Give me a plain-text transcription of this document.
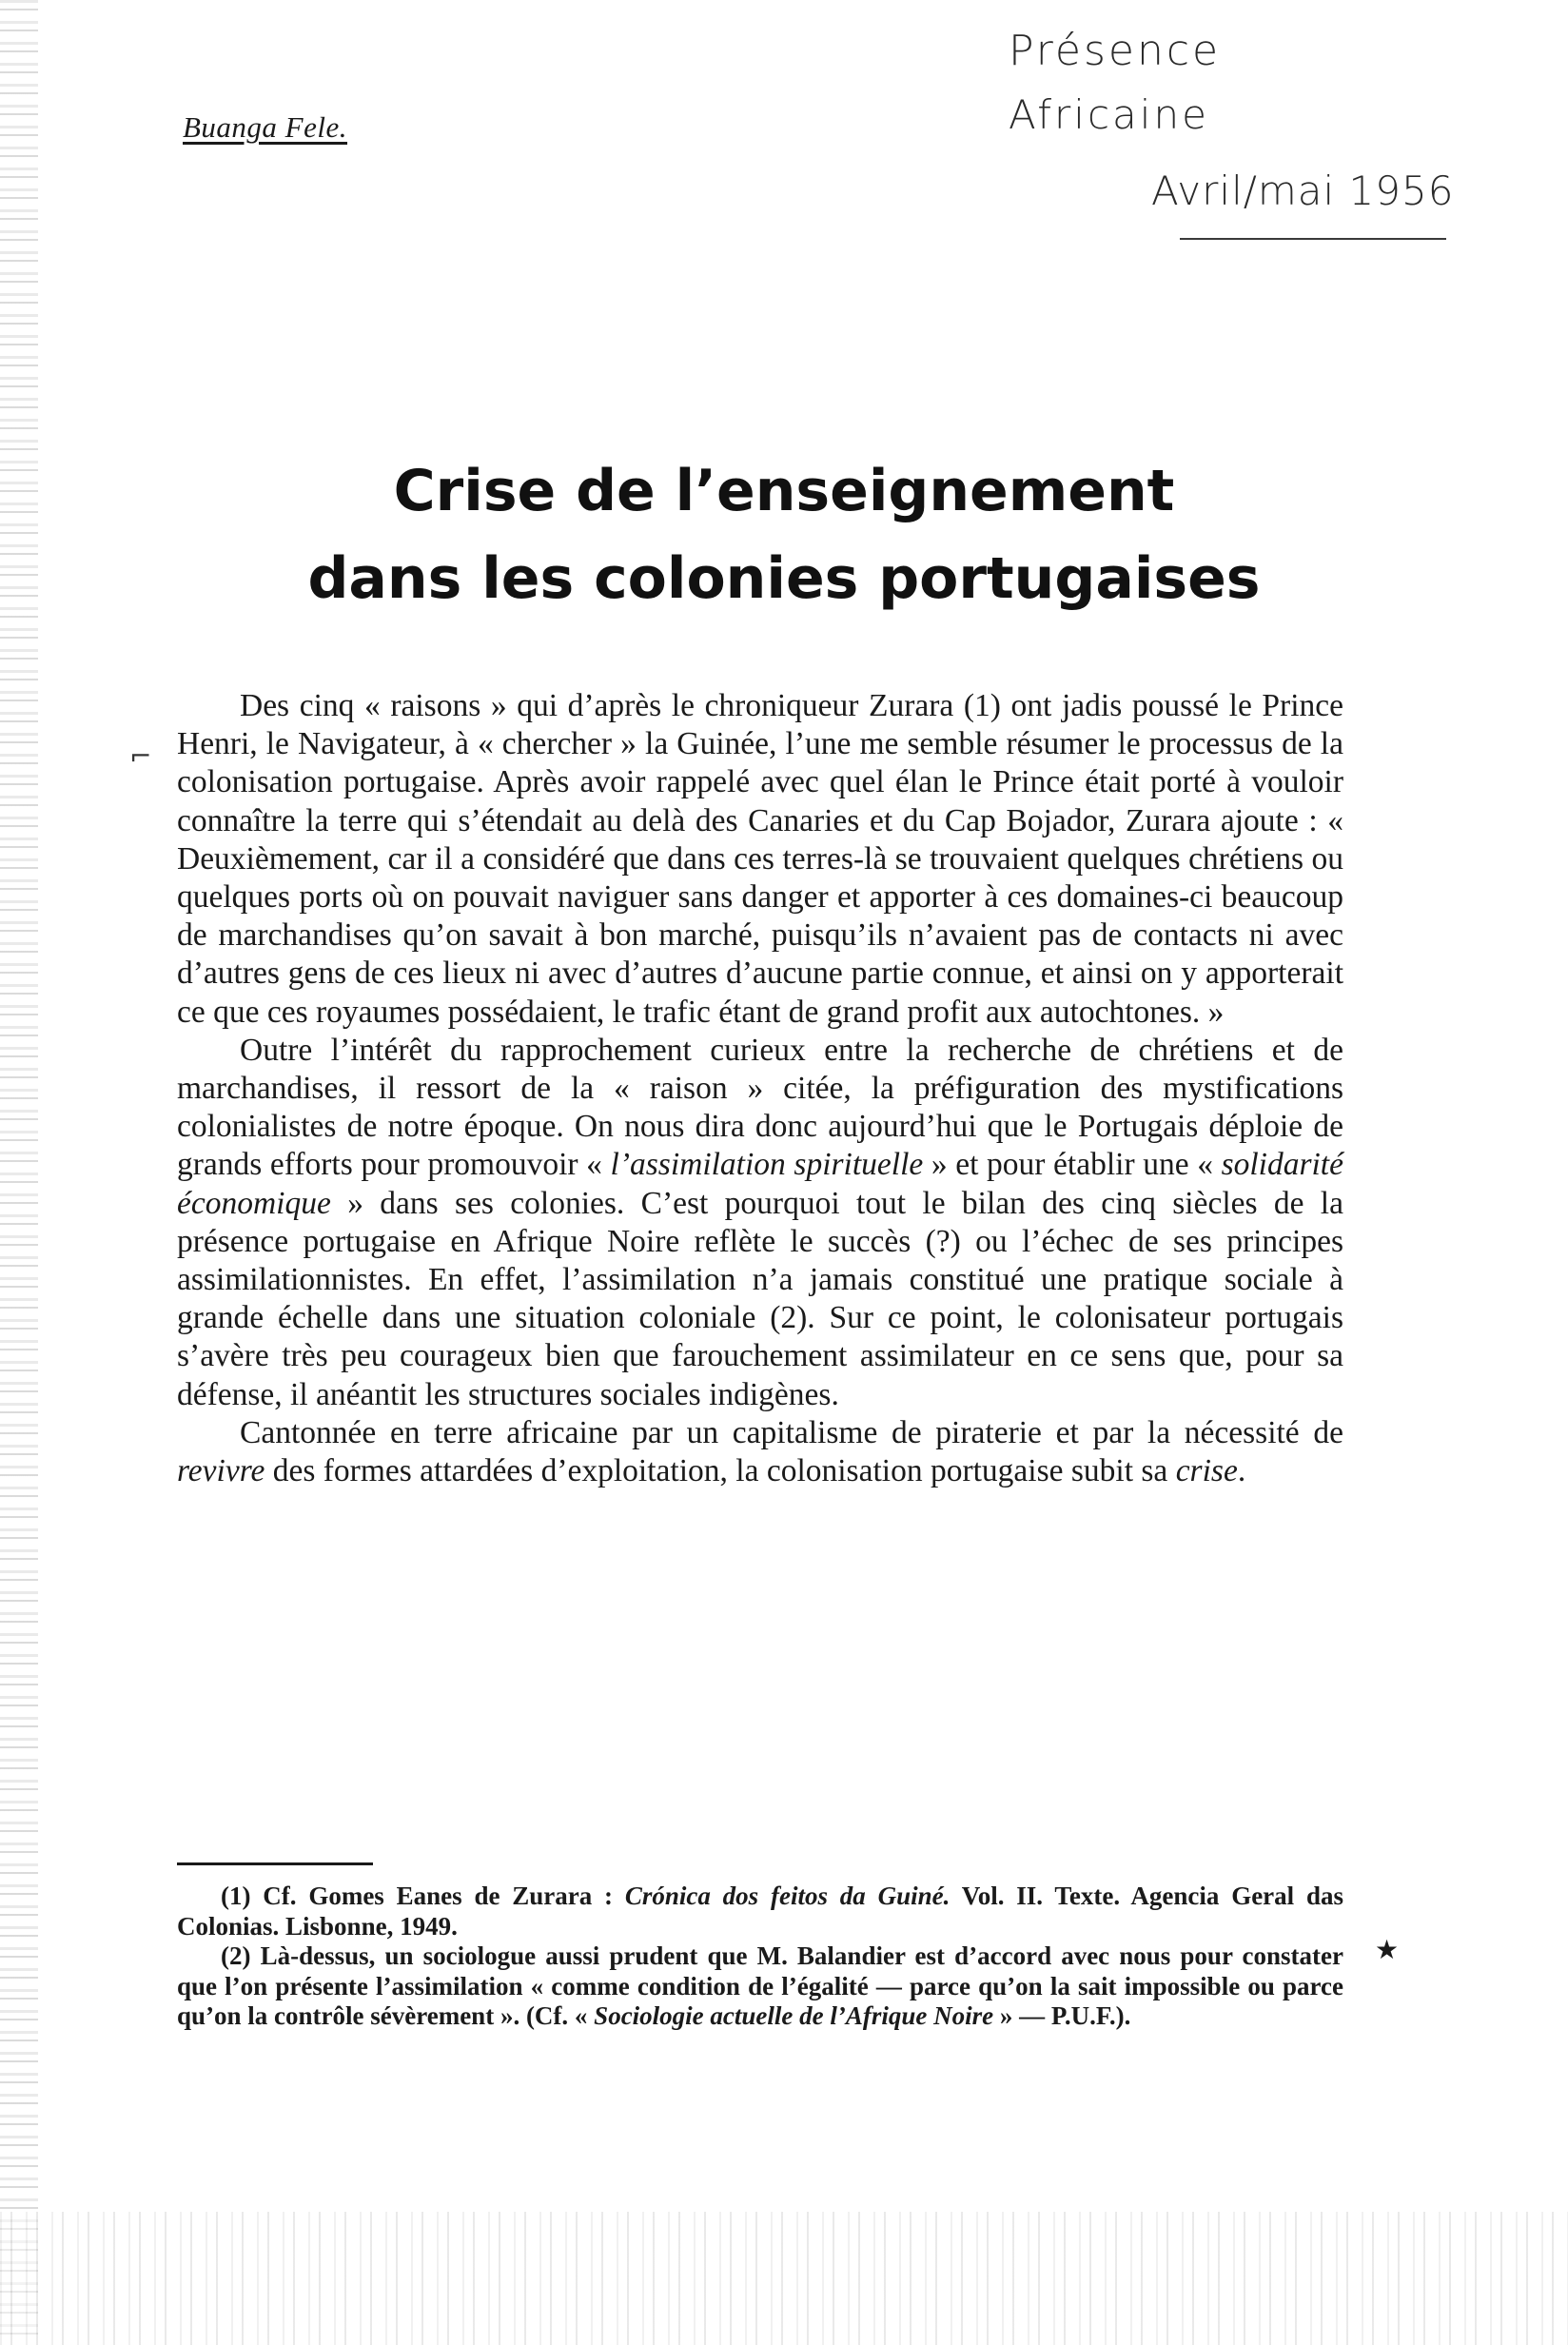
Buanga Fele.
Présence
Africaine
Avril/mai 1956
Crise de l’enseignement
dans les colonies portugaises
⌐

Des cinq « raisons » qui d’après le chroniqueur Zurara (1) ont jadis poussé le Prince Henri, le Navigateur, à « chercher » la Guinée, l’une me semble résumer le processus de la colonisation portugaise. Après avoir rappelé avec quel élan le Prince était porté à vouloir connaître la terre qui s’étendait au delà des Canaries et du Cap Bojador, Zurara ajoute : « Deuxièmement, car il a considéré que dans ces terres-là se trouvaient quelques chrétiens ou quelques ports où on pouvait naviguer sans danger et apporter à ces domaines-ci beaucoup de marchandises qu’on savait à bon marché, puisqu’ils n’avaient pas de contacts ni avec d’autres gens de ces lieux ni avec d’autres d’aucune partie connue, et ainsi on y apporterait ce que ces royaumes possédaient, le trafic étant de grand profit aux autochtones. »

Outre l’intérêt du rapprochement curieux entre la recherche de chrétiens et de marchandises, il ressort de la « raison » citée, la préfiguration des mystifications colonialistes de notre époque. On nous dira donc aujourd’hui que le Portugais déploie de grands efforts pour promouvoir « l’assimilation spirituelle » et pour établir une « solidarité économique » dans ses colonies. C’est pourquoi tout le bilan des cinq siècles de la présence portugaise en Afrique Noire reflète le succès (?) ou l’échec de ses principes assimilationnistes. En effet, l’assimilation n’a jamais constitué une pratique sociale à grande échelle dans une situation coloniale (2). Sur ce point, le colonisateur portugais s’avère très peu courageux bien que farouchement assimilateur en ce sens que, pour sa défense, il anéantit les structures sociales indigènes.

Cantonnée en terre africaine par un capitalisme de piraterie et par la nécessité de revivre des formes attardées d’exploitation, la colonisation portugaise subit sa crise.

(1) Cf. Gomes Eanes de Zurara : Crónica dos feitos da Guiné. Vol. II. Texte. Agencia Geral das Colonias. Lisbonne, 1949.

(2) Là-dessus, un sociologue aussi prudent que M. Balandier est d’accord avec nous pour constater que l’on présente l’assimilation « comme condition de l’égalité — parce qu’on la sait impossible ou parce qu’on la contrôle sévèrement ». (Cf. « Sociologie actuelle de l’Afrique Noire » — P.U.F.).

★
